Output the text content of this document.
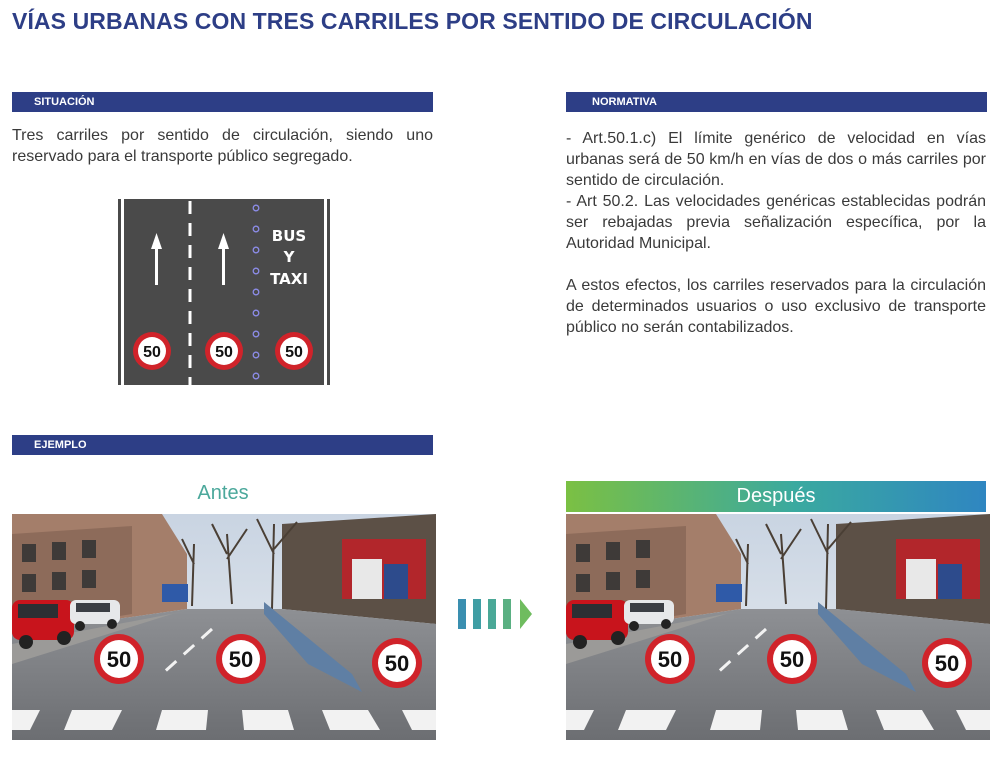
VÍAS URBANAS CON TRES CARRILES POR SENTIDO DE CIRCULACIÓN
SITUACIÓN	NORMATIVA
EJEMPLO

Tres carriles por sentido de circulación, siendo uno reservado para el transporte público segregado.

- Art.50.1.c) El límite genérico de velocidad en vías urbanas será de 50 km/h en vías de dos o más carriles por sentido de circulación.

- Art 50.2. Las velocidades genéricas establecidas podrán ser rebajadas previa señalización específica, por la Autoridad Municipal.

A estos efectos, los carriles reservados para la circulación de determinados usuarios o uso exclusivo de transporte público no serán contabilizados.

BUS
Y
TAXI
50	50	50
Antes	Después
50	50	50	50	50	50
